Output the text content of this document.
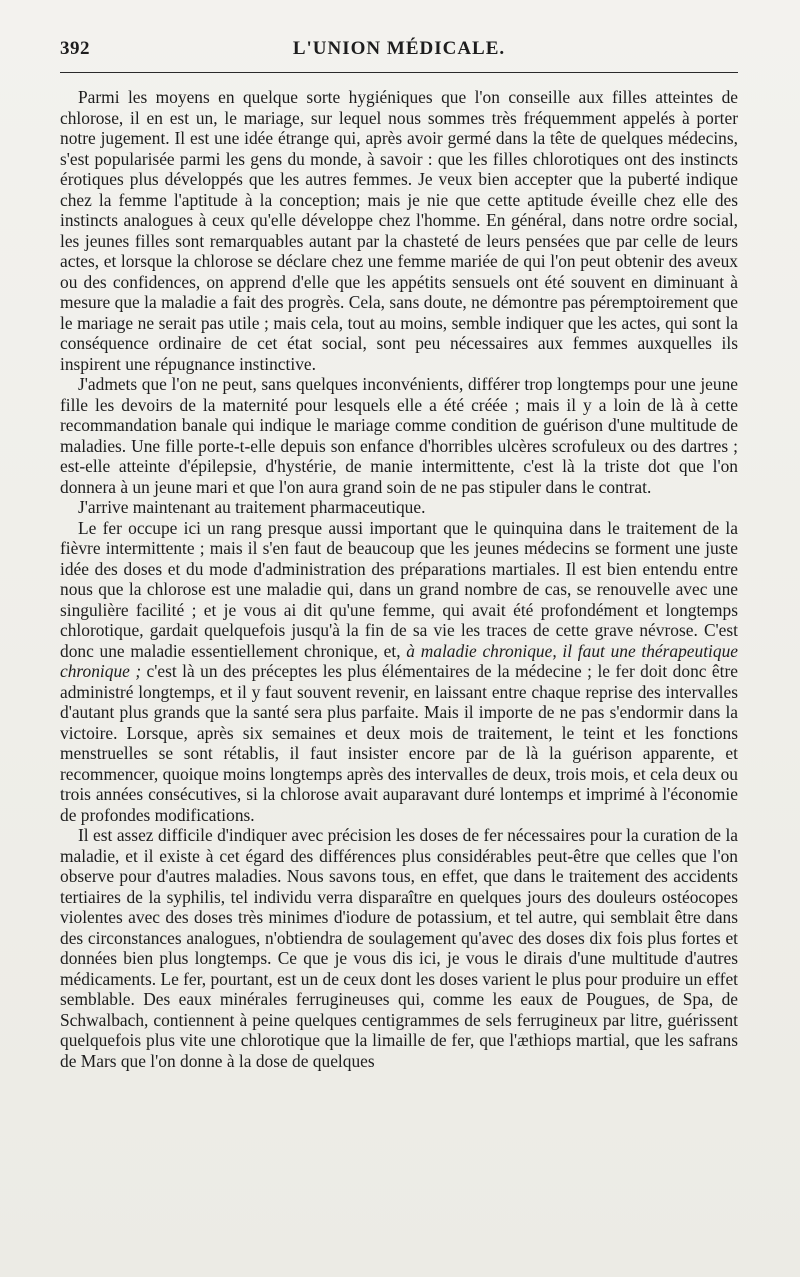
392	L'UNION MÉDICALE.

Parmi les moyens en quelque sorte hygiéniques que l'on conseille aux filles atteintes de chlorose, il en est un, le mariage, sur lequel nous sommes très fréquemment appelés à porter notre jugement. Il est une idée étrange qui, après avoir germé dans la tête de quelques médecins, s'est popularisée parmi les gens du monde, à savoir : que les filles chlorotiques ont des instincts érotiques plus développés que les autres femmes. Je veux bien accepter que la puberté indique chez la femme l'aptitude à la conception; mais je nie que cette aptitude éveille chez elle des instincts analogues à ceux qu'elle développe chez l'homme. En général, dans notre ordre social, les jeunes filles sont remarquables autant par la chasteté de leurs pensées que par celle de leurs actes, et lorsque la chlorose se déclare chez une femme mariée de qui l'on peut obtenir des aveux ou des confidences, on apprend d'elle que les appétits sensuels ont été souvent en diminuant à mesure que la maladie a fait des progrès. Cela, sans doute, ne démontre pas péremptoirement que le mariage ne serait pas utile ; mais cela, tout au moins, semble indiquer que les actes, qui sont la conséquence ordinaire de cet état social, sont peu nécessaires aux femmes auxquelles ils inspirent une répugnance instinctive.

J'admets que l'on ne peut, sans quelques inconvénients, différer trop longtemps pour une jeune fille les devoirs de la maternité pour lesquels elle a été créée ; mais il y a loin de là à cette recommandation banale qui indique le mariage comme condition de guérison d'une multitude de maladies. Une fille porte-t-elle depuis son enfance d'horribles ulcères scrofuleux ou des dartres ; est-elle atteinte d'épilepsie, d'hystérie, de manie intermittente, c'est là la triste dot que l'on donnera à un jeune mari et que l'on aura grand soin de ne pas stipuler dans le contrat.

J'arrive maintenant au traitement pharmaceutique.

Le fer occupe ici un rang presque aussi important que le quinquina dans le traitement de la fièvre intermittente ; mais il s'en faut de beaucoup que les jeunes médecins se forment une juste idée des doses et du mode d'administration des préparations martiales. Il est bien entendu entre nous que la chlorose est une maladie qui, dans un grand nombre de cas, se renouvelle avec une singulière facilité ; et je vous ai dit qu'une femme, qui avait été profondément et longtemps chlorotique, gardait quelquefois jusqu'à la fin de sa vie les traces de cette grave névrose. C'est donc une maladie essentiellement chronique, et, à maladie chronique, il faut une thérapeutique chronique ; c'est là un des préceptes les plus élémentaires de la médecine ; le fer doit donc être administré longtemps, et il y faut souvent revenir, en laissant entre chaque reprise des intervalles d'autant plus grands que la santé sera plus parfaite. Mais il importe de ne pas s'endormir dans la victoire. Lorsque, après six semaines et deux mois de traitement, le teint et les fonctions menstruelles se sont rétablis, il faut insister encore par de là la guérison apparente, et recommencer, quoique moins longtemps après des intervalles de deux, trois mois, et cela deux ou trois années consécutives, si la chlorose avait auparavant duré lontemps et imprimé à l'économie de profondes modifications.

Il est assez difficile d'indiquer avec précision les doses de fer nécessaires pour la curation de la maladie, et il existe à cet égard des différences plus considérables peut-être que celles que l'on observe pour d'autres maladies. Nous savons tous, en effet, que dans le traitement des accidents tertiaires de la syphilis, tel individu verra disparaître en quelques jours des douleurs ostéocopes violentes avec des doses très minimes d'iodure de potassium, et tel autre, qui semblait être dans des circonstances analogues, n'obtiendra de soulagement qu'avec des doses dix fois plus fortes et données bien plus longtemps. Ce que je vous dis ici, je vous le dirais d'une multitude d'autres médicaments. Le fer, pourtant, est un de ceux dont les doses varient le plus pour produire un effet semblable. Des eaux minérales ferrugineuses qui, comme les eaux de Pougues, de Spa, de Schwalbach, contiennent à peine quelques centigrammes de sels ferrugineux par litre, guérissent quelquefois plus vite une chlorotique que la limaille de fer, que l'æthiops martial, que les safrans de Mars que l'on donne à la dose de quelques
